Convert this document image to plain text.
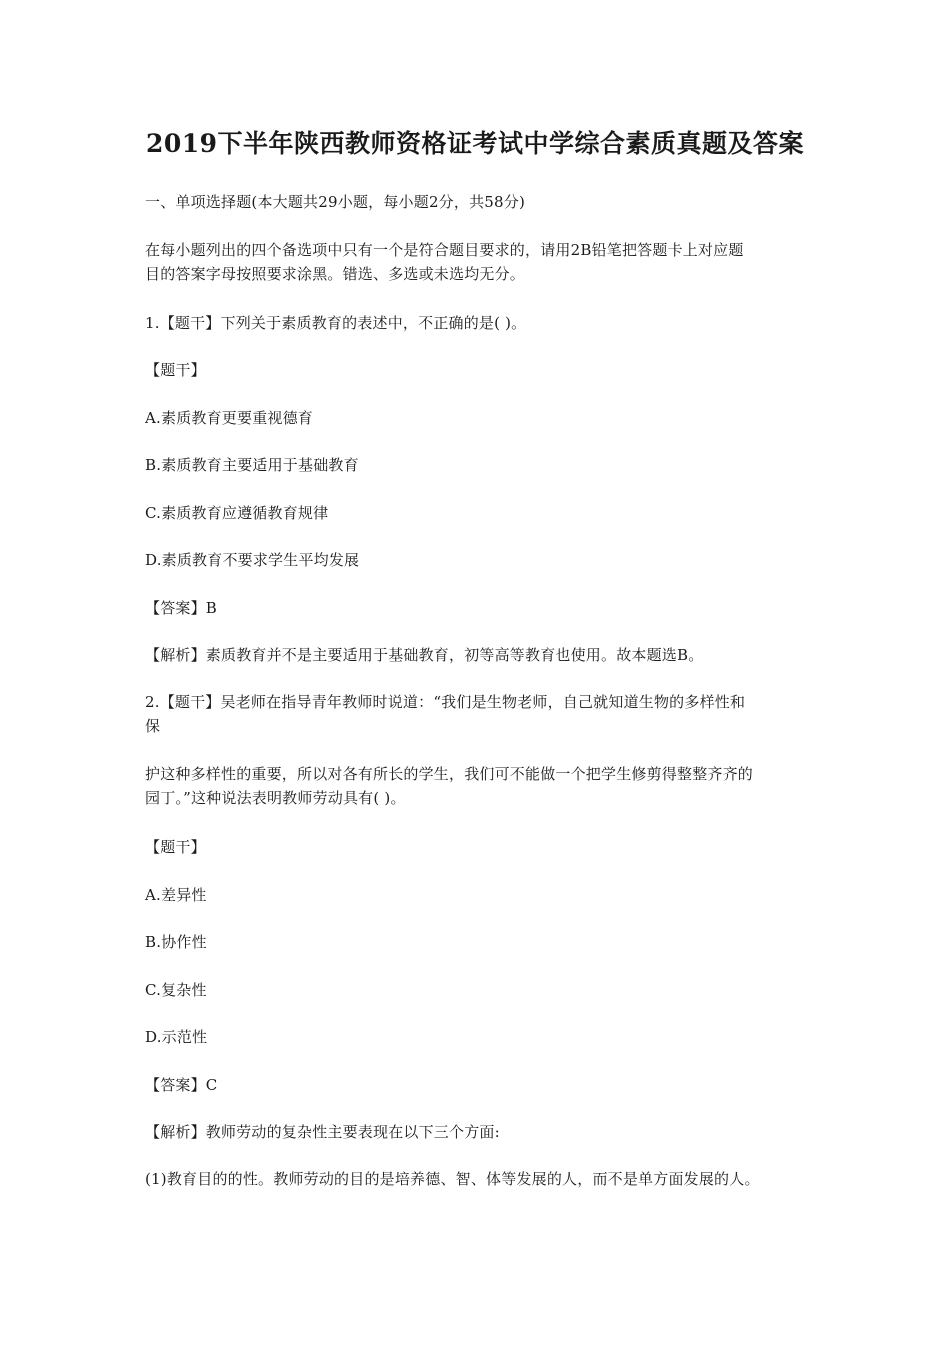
2019下半年陕西教师资格证考试中学综合素质真题及答案
一、单项选择题(本大题共29小题，每小题2分，共58分)
在每小题列出的四个备选项中只有一个是符合题目要求的，请用2B铅笔把答题卡上对应题
目的答案字母按照要求涂黑。错选、多选或未选均无分。
1.【题干】下列关于素质教育的表述中，不正确的是( )。
【题干】
A.素质教育更要重视德育
B.素质教育主要适用于基础教育
C.素质教育应遵循教育规律
D.素质教育不要求学生平均发展
【答案】B
【解析】素质教育并不是主要适用于基础教育，初等高等教育也使用。故本题选B。
2.【题干】吴老师在指导青年教师时说道：“我们是生物老师，自己就知道生物的多样性和
保
护这种多样性的重要，所以对各有所长的学生，我们可不能做一个把学生修剪得整整齐齐的
园丁。”这种说法表明教师劳动具有( )。
【题干】
A.差异性
B.协作性
C.复杂性
D.示范性
【答案】C
【解析】教师劳动的复杂性主要表现在以下三个方面:
(1)教育目的的性。教师劳动的目的是培养德、智、体等发展的人，而不是单方面发展的人。
